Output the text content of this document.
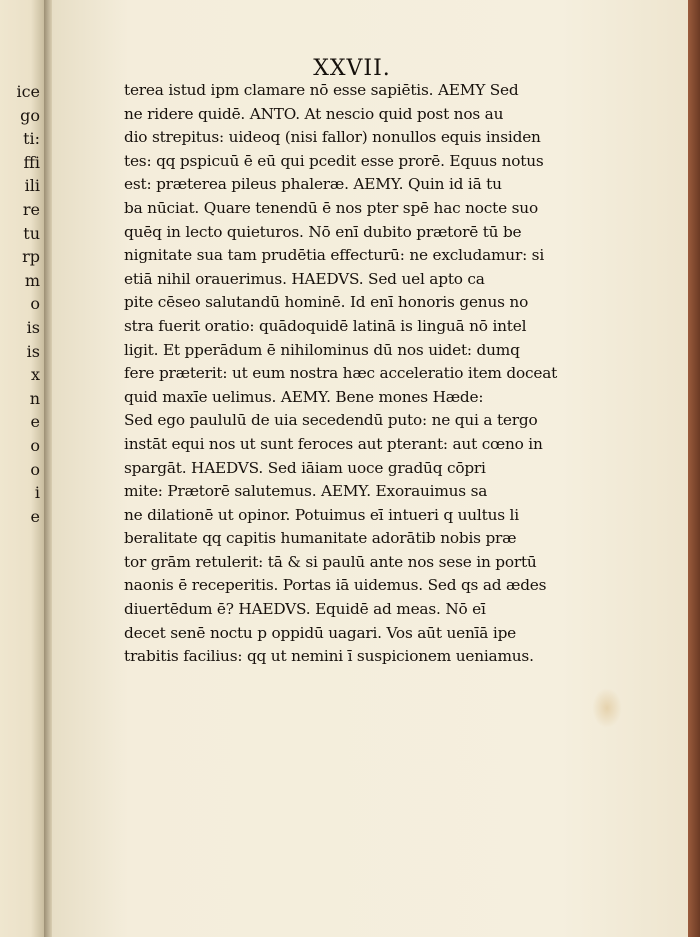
ice
go
ti:
ffi
ili
re
tu
rp
m
o
is
is
x
n
e
o
o
i
e
XXVII.
terea istud ipm clamare nō esse sapiētis. AEMY Sed
ne ridere quidē. ANTO. At nescio quid post nos au
dio strepitus: uideoq (nisi fallor) nonullos equis insiden
tes: qq pspicuū ē eū qui pcedit esse prorē. Equus notus
est: præterea pileus phaleræ. AEMY. Quin id iā tu
ba nūciat. Quare tenendū ē nos pter spē hac nocte suo
quēq in lecto quieturos. Nō enī dubito prætorē tū be
nignitate sua tam prudētia effecturū: ne excludamur: si
etiā nihil orauerimus. HAEDVS. Sed uel apto ca
pite cēseo salutandū hominē. Id enī honoris genus no
stra fuerit oratio: quādoquidē latinā is linguā nō intel
ligit. Et pperādum ē nihilominus dū nos uidet: dumq
fere præterit: ut eum nostra hæc acceleratio item doceat
quid maxīe uelimus. AEMY. Bene mones Hæde:
Sed ego paululū de uia secedendū puto: ne qui a tergo
instāt equi nos ut sunt feroces aut pterant: aut cœno in
spargāt. HAEDVS. Sed iāiam uoce gradūq cōpri
mite: Prætorē salutemus. AEMY. Exorauimus sa
ne dilationē ut opinor. Potuimus eī intueri q uultus li
beralitate qq capitis humanitate adorātib nobis præ
tor grām retulerit: tā & si paulū ante nos sese in portū
naonis ē receperitis. Portas iā uidemus. Sed qs ad ædes
diuertēdum ē? HAEDVS. Equidē ad meas. Nō eī
decet senē noctu p oppidū uagari. Vos aūt uenīā ipe
trabitis facilius: qq ut nemini ī suspicionem ueniamus.
